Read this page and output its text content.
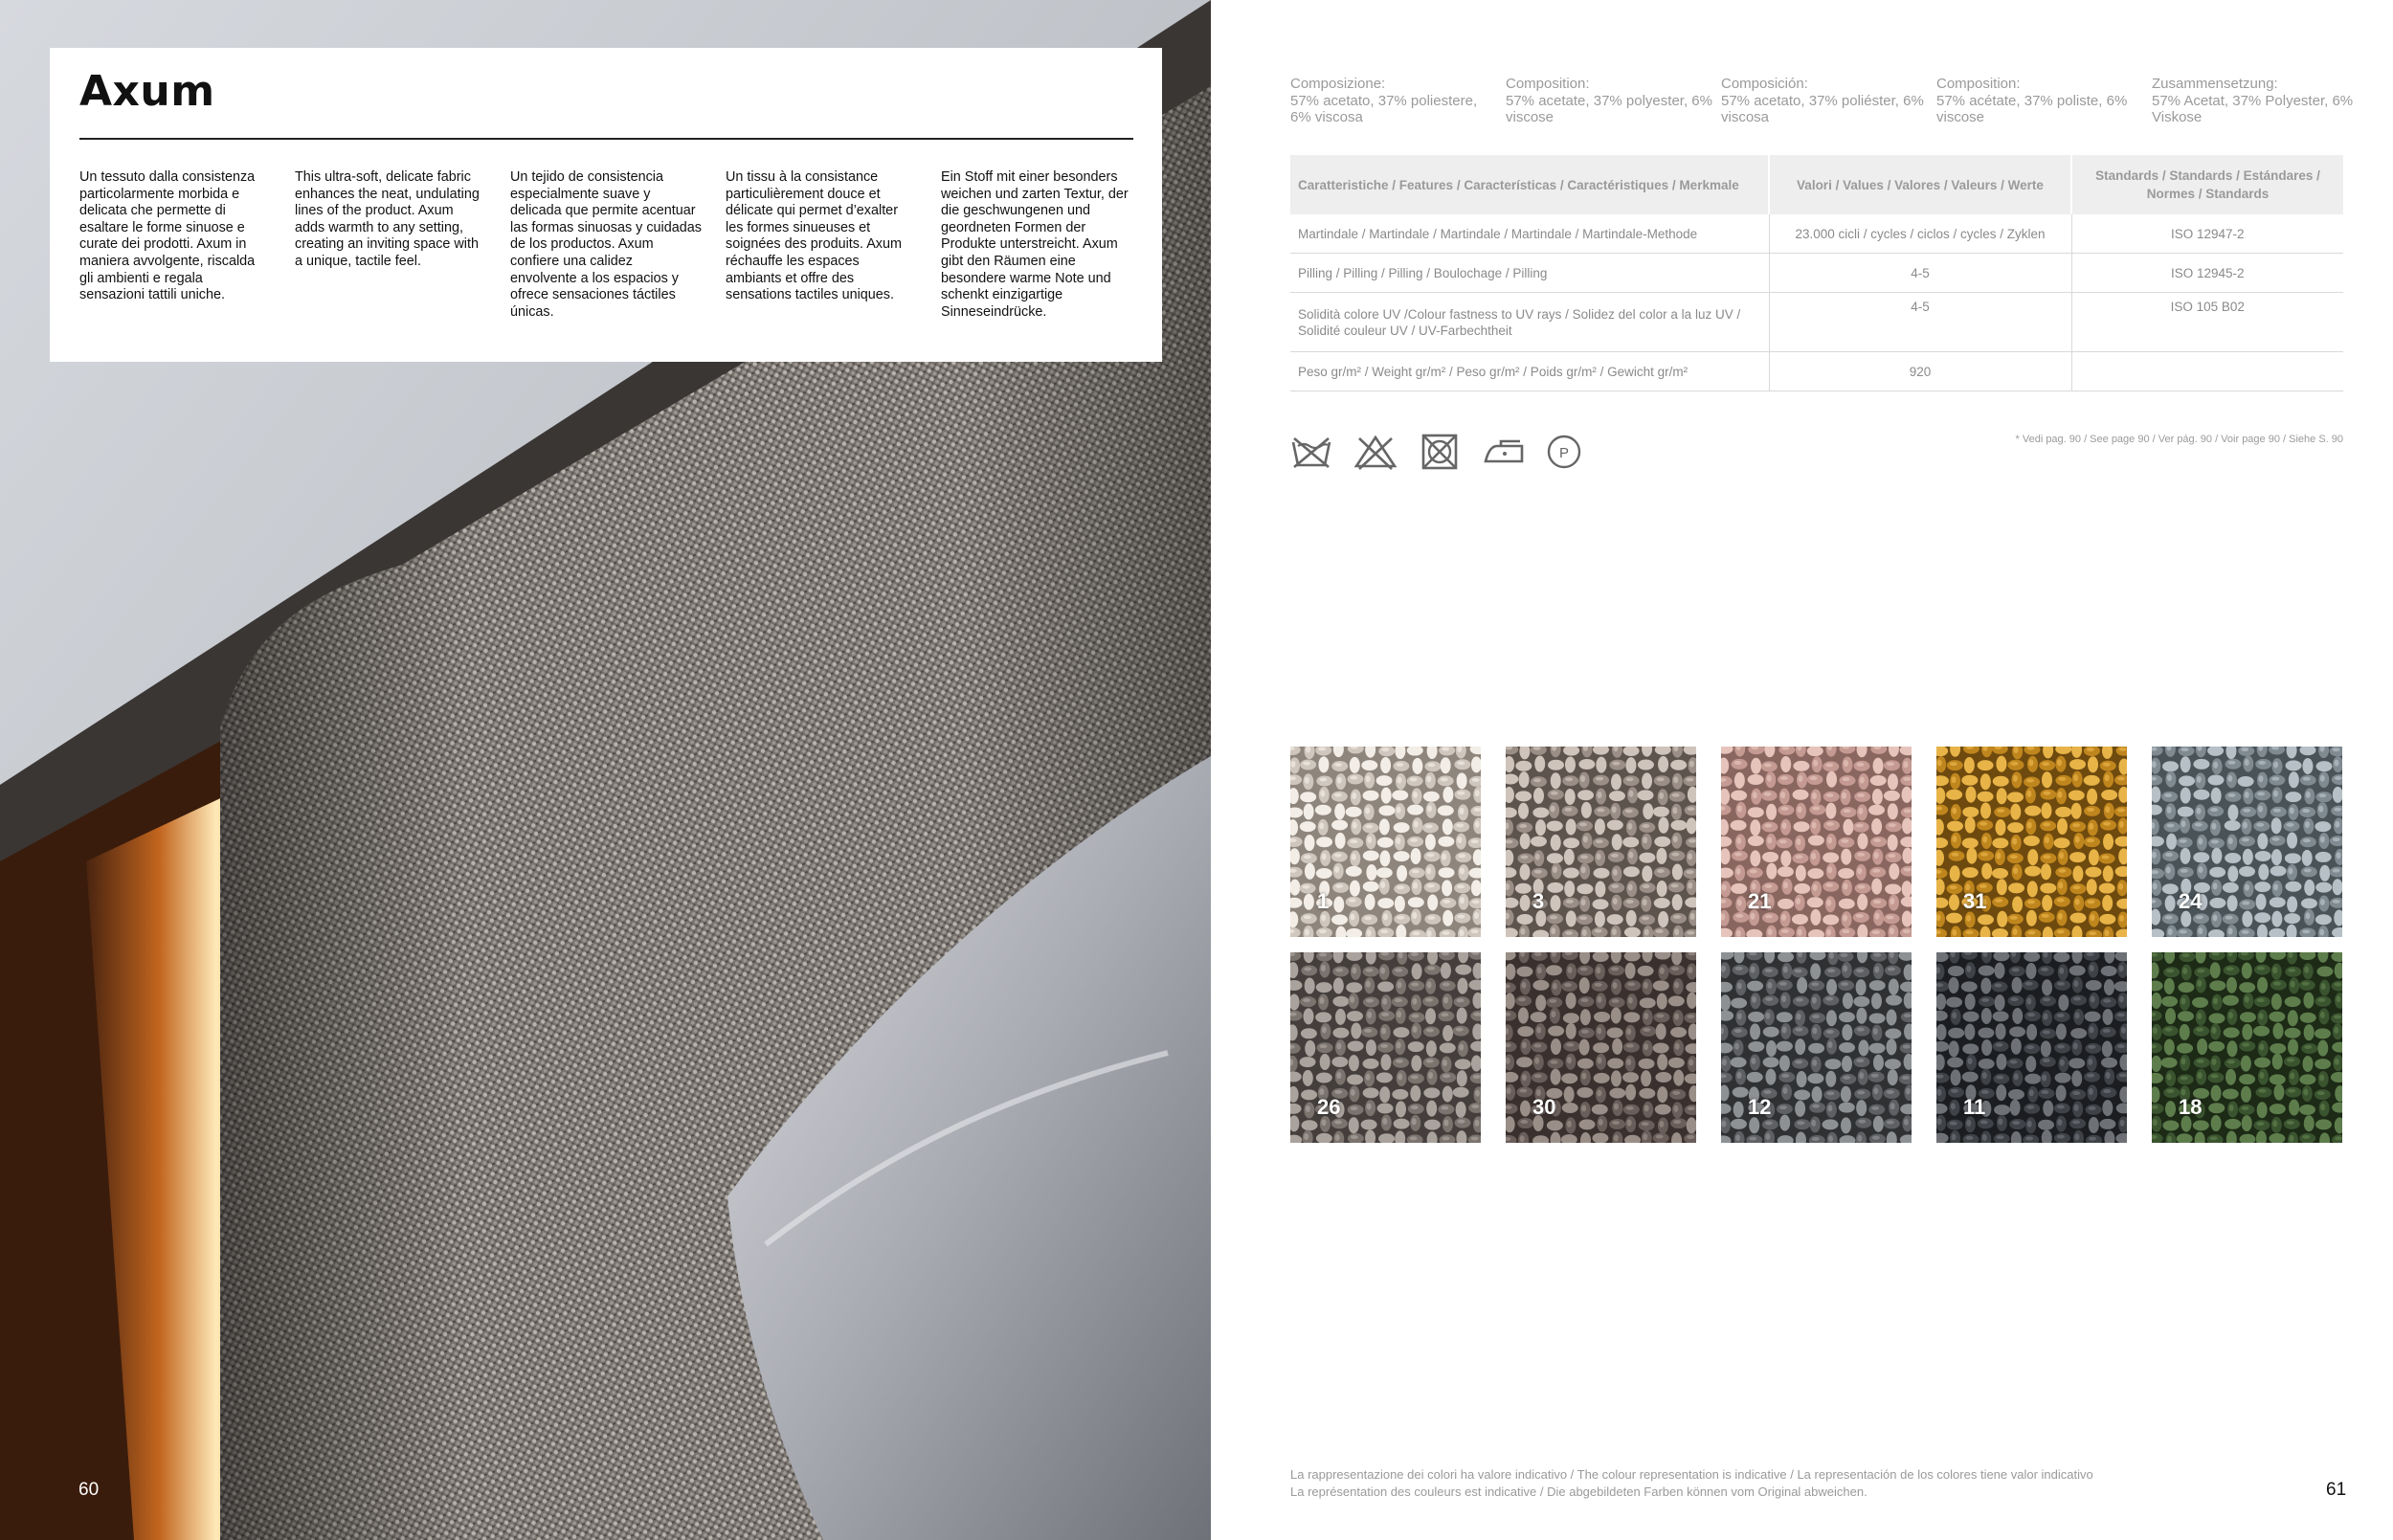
Axum
Un tessuto dalla consistenza particolarmente morbida e delicata che permette di esaltare le forme sinuose e curate dei prodotti. Axum in maniera avvolgente, riscalda gli ambienti e regala sensazioni tattili uniche.
This ultra-soft, delicate fabric enhances the neat, undulating lines of the product. Axum adds warmth to any setting, creating an inviting space with a unique, tactile feel.
Un tejido de consistencia especialmente suave y delicada que permite acentuar las formas sinuosas y cuidadas de los productos. Axum confiere una calidez envolvente a los espacios y ofrece sensaciones táctiles únicas.
Un tissu à la consistance particulièrement douce et délicate qui permet d’exalter les formes sinueuses et soignées des produits. Axum réchauffe les espaces ambiants et offre des sensations tactiles uniques.
Ein Stoff mit einer besonders weichen und zarten Textur, der die geschwungenen und geordneten Formen der Produkte unterstreicht. Axum gibt den Räumen eine besondere warme Note und schenkt einzigartige Sinneseindrücke.
60
Composizione:
57% acetato, 37% poliestere, 6% viscosa
Composition:
57% acetate, 37% polyester, 6% viscose
Composición:
57% acetato, 37% poliéster, 6% viscosa
Composition:
57% acétate, 37% poliste, 6% viscose
Zusammensetzung:
57% Acetat, 37% Polyester, 6% Viskose
Caratteristiche / Features / Características / Caractéristiques / Merkmale	Valori / Values / Valores / Valeurs / Werte	Standards / Standards / Estándares / Normes / Standards
Martindale / Martindale / Martindale / Martindale / Martindale-Methode	23.000 cicli / cycles / ciclos / cycles / Zyklen	ISO 12947-2
Pilling / Pilling / Pilling / Boulochage / Pilling	4-5	ISO 12945-2
Solidità colore UV /Colour fastness to UV rays / Solidez del color a la luz UV / Solidité couleur UV / UV-Farbechtheit	4-5	ISO 105 B02
Peso gr/m² / Weight gr/m² / Peso gr/m² / Poids gr/m² / Gewicht gr/m²	920	
P
* Vedi pag. 90 / See page 90 / Ver pág. 90 / Voir page 90 / Siehe S. 90
1	3	21	31	24
26	30	12	11	18
La rappresentazione dei colori ha valore indicativo / The colour representation is indicative / La representación de los colores tiene valor indicativo
La représentation des couleurs est indicative / Die abgebildeten Farben können vom Original abweichen.	61
